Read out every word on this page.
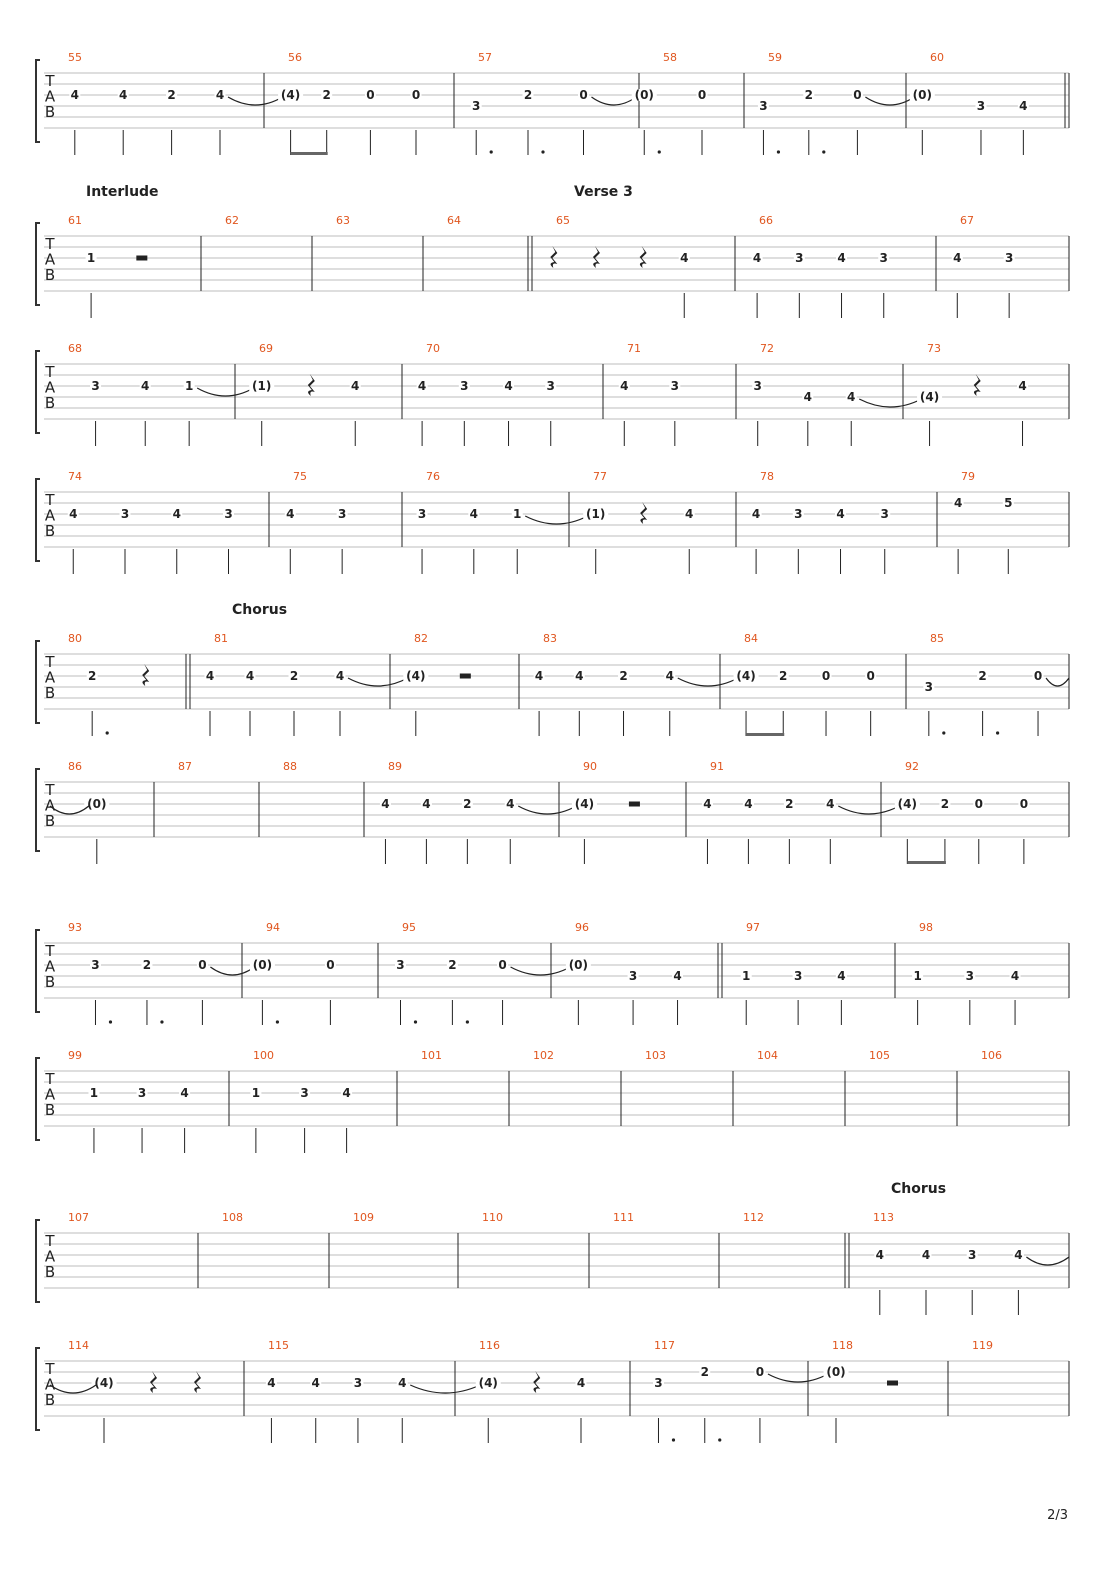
T
A
B
55
4	4	2	4
56
(4) 2	0	0
57
3
2	0
58
(0)	0
59
3
2	0
60
(0)
3	4
T
A
B
Interlude	Verse 3
61
1
62	63	64	65
4
66
4	3	4	3
67
4	3
T
A
B
68
3	4	1
69
(1)	4
70
4	3	4	3
71
4	3
72
3
4	4
73
(4)
4
T
A
B
74
4	3	4	3
75
4	3
76
3	4	1
77
(1)	4
78
4	3	4	3
79
4	5
T
A
B
Chorus
80
2
81
4	4	2	4
82
(4)
83
4	4	2	4
84
(4) 2	0	0
85
3
2	0
T
A
B
86
(0)
87	88	89
4	4	2	4
90
(4)
91
4	4	2	4
92
(4) 2 0	0
T
A
B
93
3	2	0
94
(0)	0
95
3	2	0
96
(0)
3	4
97
1	3	4
98
1	3	4
T
A
B
99
1	3	4
100
1	3	4
101	102	103	104	105	106
T
A
B
Chorus
107	108	109	110	111	112	113
4	4	3	4
T
A
B
114
(4)
115
4	4	3	4
116
(4)	4
117
3
2	0
118
(0)
119
2/3
